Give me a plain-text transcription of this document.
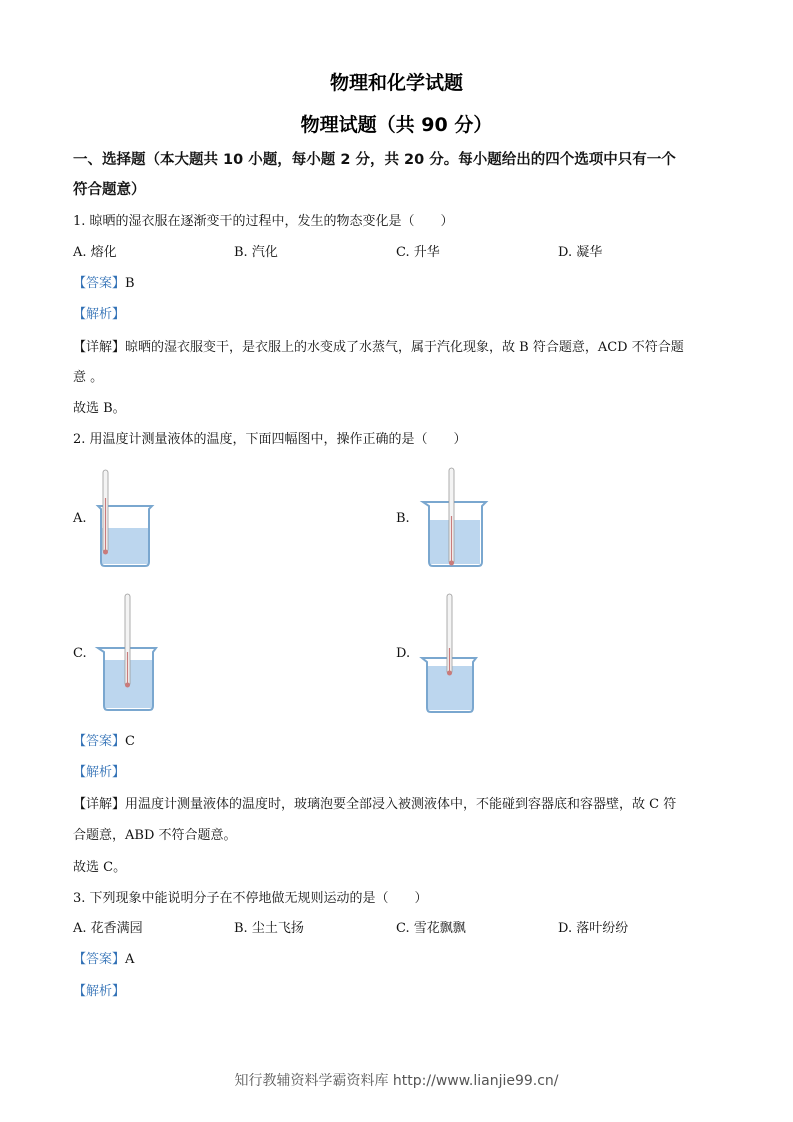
物理和化学试题
物理试题（共 90 分）
一、选择题（本大题共 10 小题，每小题 2 分，共 20 分。每小题给出的四个选项中只有一个
符合题意）
1. 晾晒的湿衣服在逐渐变干的过程中，发生的物态变化是（　　）
A. 熔化	B. 汽化	C. 升华	D. 凝华
【答案】B
【解析】
【详解】晾晒的湿衣服变干，是衣服上的水变成了水蒸气，属于汽化现象，故 B 符合题意，ACD 不符合题
意 。
故选 B。
2. 用温度计测量液体的温度，下面四幅图中，操作正确的是（　　）
A.	B.
C.	D.
【答案】C
【解析】
【详解】用温度计测量液体的温度时，玻璃泡要全部浸入被测液体中，不能碰到容器底和容器壁，故 C 符
合题意，ABD 不符合题意。
故选 C。
3. 下列现象中能说明分子在不停地做无规则运动的是（　　）
A. 花香满园	B. 尘土飞扬	C. 雪花飘飘	D. 落叶纷纷
【答案】A
【解析】
知行教辅资料学霸资料库 http://www.lianjie99.cn/
